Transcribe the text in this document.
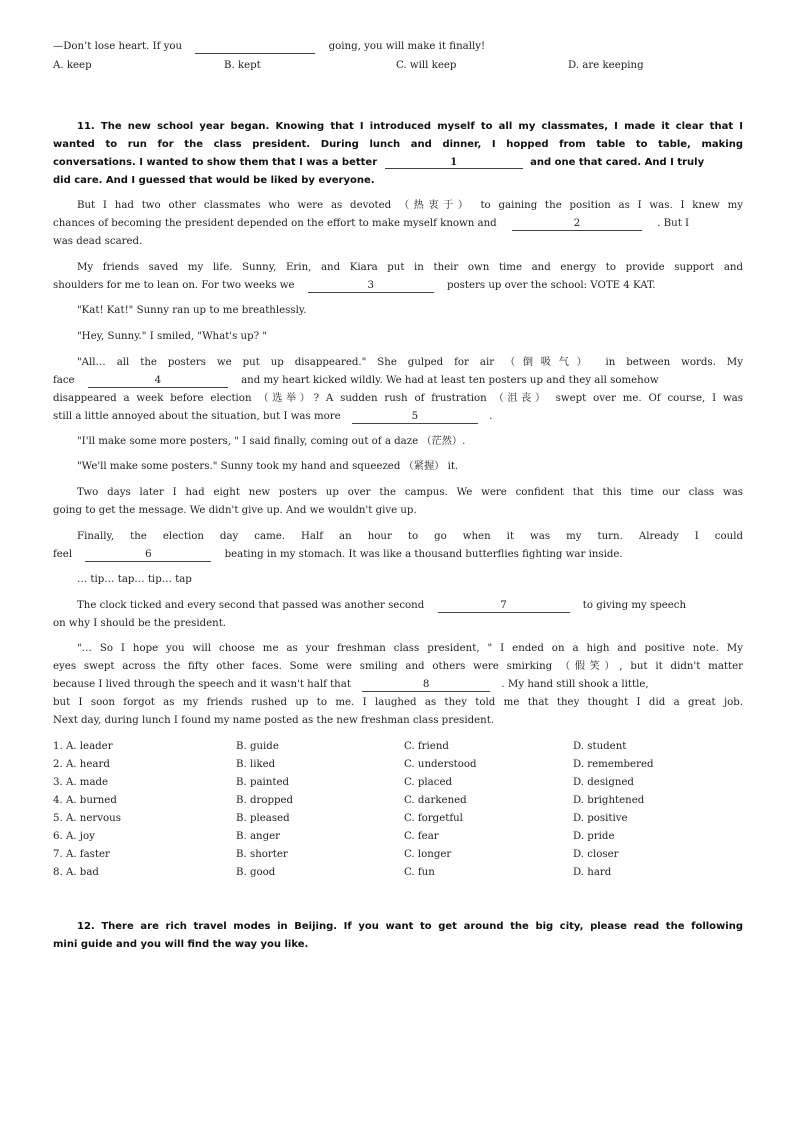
—Don’t lose heart. If you	going, you will make it finally!
A. keep	B. kept	C. will keep	D. are keeping
11. The new school year began. Knowing that I introduced myself to all my classmates, I made it clear that I
wanted to run for the class president. During lunch and dinner, I hopped from table to table, making
conversations. I wanted to show them that I was a better	1	and one that cared. And I truly
did care. And I guessed that would be liked by everyone.
But I had two other classmates who were as devoted （热衷于） to gaining the position as I was. I knew my
chances of becoming the president depended on the effort to make myself known and	2	. But I
was dead scared.
My friends saved my life. Sunny, Erin, and Kiara put in their own time and energy to provide support and
shoulders for me to lean on. For two weeks we	3	posters up over the school: VOTE 4 KAT.
"Kat! Kat!" Sunny ran up to me breathlessly.
"Hey, Sunny." I smiled, "What's up? "
"All… all the posters we put up disappeared." She gulped for air （倒吸气） in between words. My
face	4	and my heart kicked wildly. We had at least ten posters up and they all somehow
disappeared a week before election （选举）? A sudden rush of frustration （沮丧） swept over me. Of course, I was
still a little annoyed about the situation, but I was more	5	.
"I'll make some more posters, " I said finally, coming out of a daze （茫然）.
"We'll make some posters." Sunny took my hand and squeezed （紧握） it.
Two days later I had eight new posters up over the campus. We were confident that this time our class was
going to get the message. We didn't give up. And we wouldn't give up.
Finally, the election day came. Half an hour to go when it was my turn. Already I could
feel	6	beating in my stomach. It was like a thousand butterflies fighting war inside.
… tip… tap… tip… tap
The clock ticked and every second that passed was another second	7	to giving my speech
on why I should be the president.
"… So I hope you will choose me as your freshman class president, " I ended on a high and positive note. My
eyes swept across the fifty other faces. Some were smiling and others were smirking （假笑）, but it didn't matter
because I lived through the speech and it wasn't half that	8	. My hand still shook a little,
but I soon forgot as my friends rushed up to me. I laughed as they told me that they thought I did a great job.
Next day, during lunch I found my name posted as the new freshman class president.
1. A. leader	B. guide	C. friend	D. student
2. A. heard	B. liked	C. understood	D. remembered
3. A. made	B. painted	C. placed	D. designed
4. A. burned	B. dropped	C. darkened	D. brightened
5. A. nervous	B. pleased	C. forgetful	D. positive
6. A. joy	B. anger	C. fear	D. pride
7. A. faster	B. shorter	C. longer	D. closer
8. A. bad	B. good	C. fun	D. hard
12. There are rich travel modes in Beijing. If you want to get around the big city, please read the following
mini guide and you will find the way you like.
